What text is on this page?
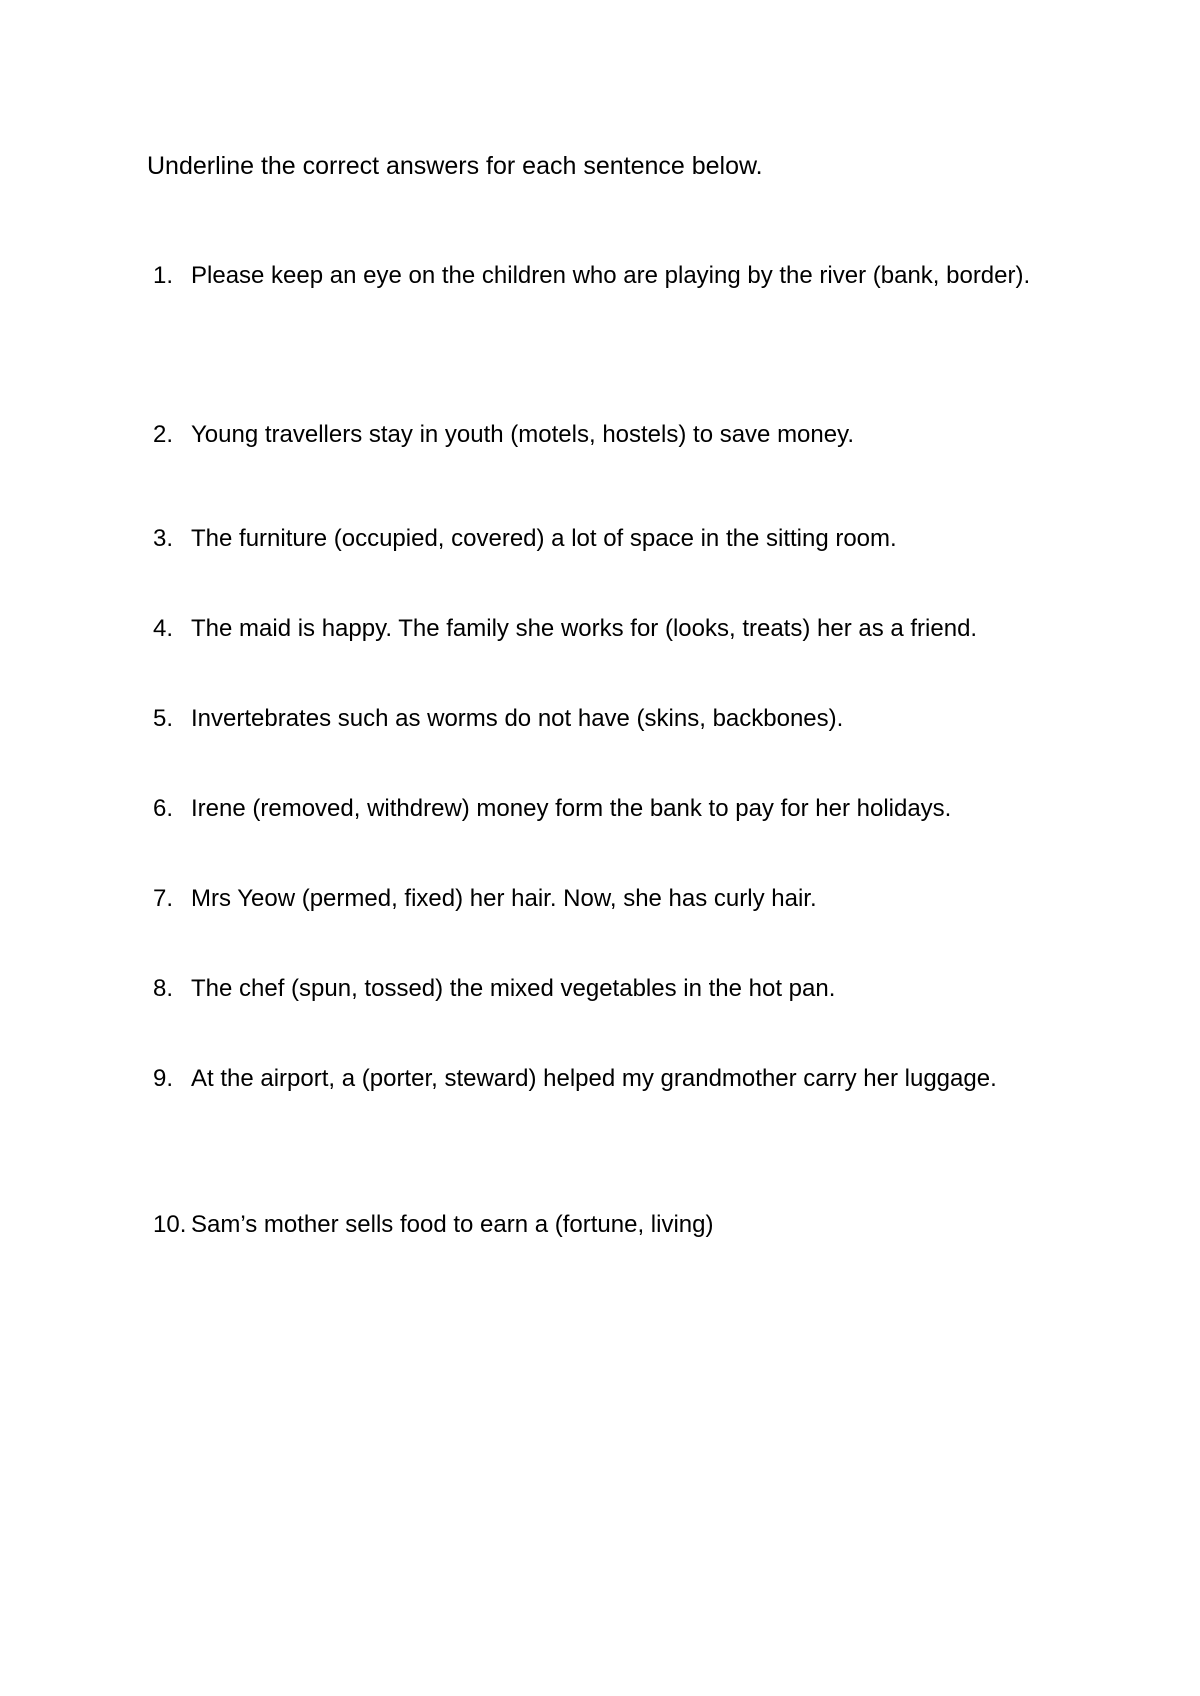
Underline the correct answers for each sentence below.
1. Please keep an eye on the children who are playing by the river (bank, border).
2. Young travellers stay in youth (motels, hostels) to save money.
3. The furniture (occupied, covered) a lot of space in the sitting room.
4. The maid is happy. The family she works for (looks, treats) her as a friend.
5. Invertebrates such as worms do not have (skins, backbones).
6. Irene (removed, withdrew) money form the bank to pay for her holidays.
7. Mrs Yeow (permed, fixed) her hair. Now, she has curly hair.
8. The chef (spun, tossed) the mixed vegetables in the hot pan.
9. At the airport, a (porter, steward) helped my grandmother carry her luggage.
10. Sam’s mother sells food to earn a (fortune, living)
